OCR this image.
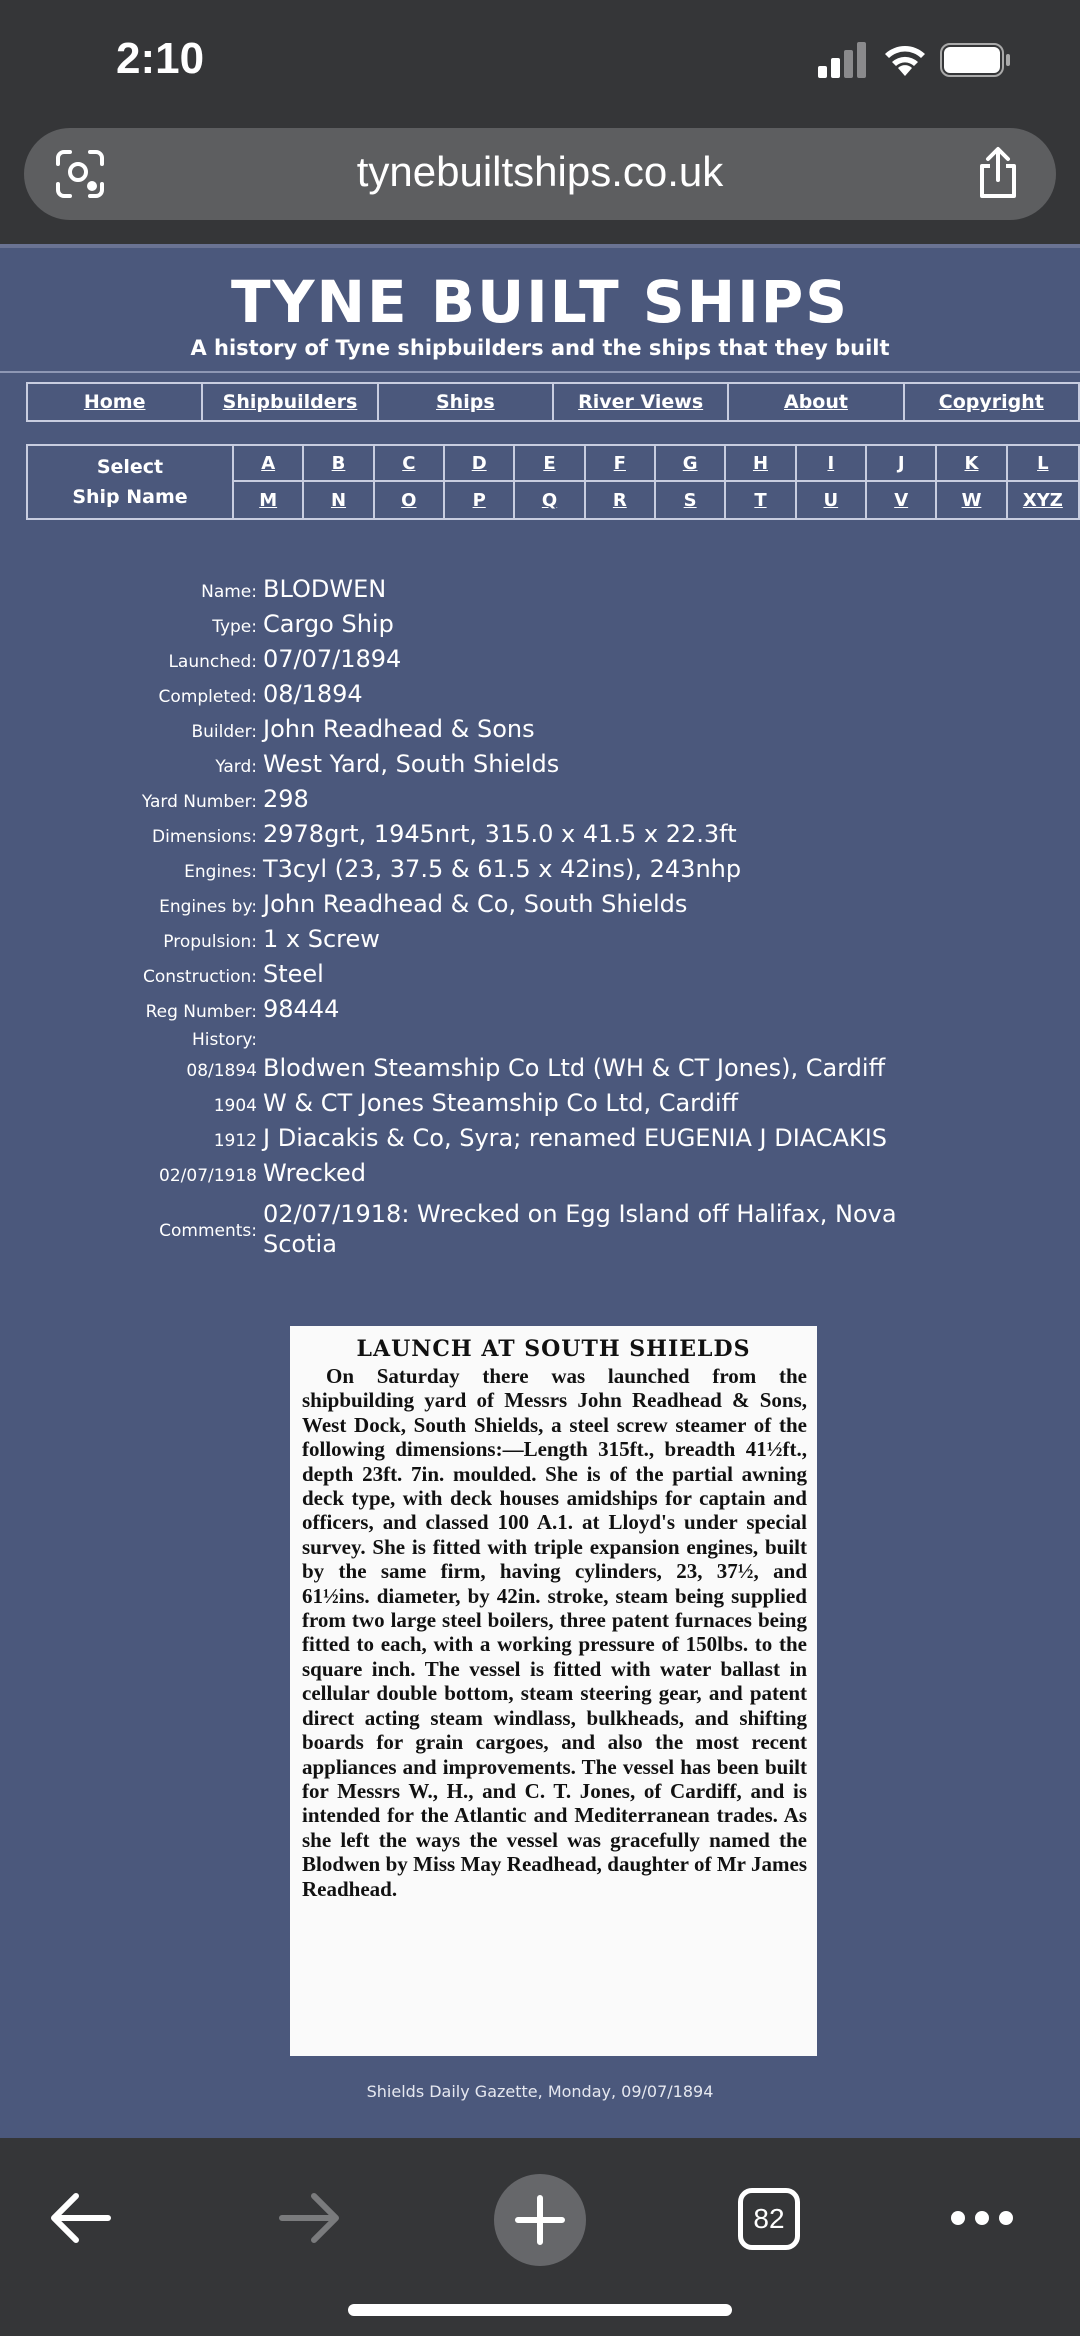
2:10
tynebuiltships.co.uk
TYNE BUILT SHIPS
A history of Tyne shipbuilders and the ships that they built
Home	Shipbuilders	Ships	River Views	About	Copyright
Select
Ship Name
A	B	C	D	E	F	G	H	I	J	K	L
M	N	O	P	Q	R	S	T	U	V	W	XYZ
Name: BLODWEN
Type: Cargo Ship
Launched: 07/07/1894
Completed: 08/1894
Builder: John Readhead & Sons
Yard: West Yard, South Shields
Yard Number: 298
Dimensions: 2978grt, 1945nrt, 315.0 x 41.5 x 22.3ft
Engines: T3cyl (23, 37.5 & 61.5 x 42ins), 243nhp
Engines by: John Readhead & Co, South Shields
Propulsion: 1 x Screw
Construction: Steel
Reg Number: 98444
History:
08/1894 Blodwen Steamship Co Ltd (WH & CT Jones), Cardiff
1904 W & CT Jones Steamship Co Ltd, Cardiff
1912 J Diacakis & Co, Syra; renamed EUGENIA J DIACAKIS
02/07/1918 Wrecked
Comments:
02/07/1918: Wrecked on Egg Island off Halifax, Nova Scotia
LAUNCH AT SOUTH SHIELDS
On Saturday there was launched from the shipbuilding yard of Messrs John Readhead & Sons, West Dock, South Shields, a steel screw steamer of the following dimensions:—Length 315ft., breadth 41½ft., depth 23ft. 7in. moulded. She is of the partial awning deck type, with deck houses amidships for captain and officers, and classed 100 A.1. at Lloyd's under special survey. She is fitted with triple expansion engines, built by the same firm, having cylinders, 23, 37½, and 61½ins. diameter, by 42in. stroke, steam being supplied from two large steel boilers, three patent furnaces being fitted to each, with a working pressure of 150lbs. to the square inch. The vessel is fitted with water ballast in cellular double bottom, steam steering gear, and patent direct acting steam windlass, bulkheads, and shifting boards for grain cargoes, and also the most recent appliances and improvements. The vessel has been built for Messrs W., H., and C. T. Jones, of Cardiff, and is intended for the Atlantic and Mediterranean trades. As she left the ways the vessel was gracefully named the Blodwen by Miss May Readhead, daughter of Mr James Readhead.
Shields Daily Gazette, Monday, 09/07/1894
82
